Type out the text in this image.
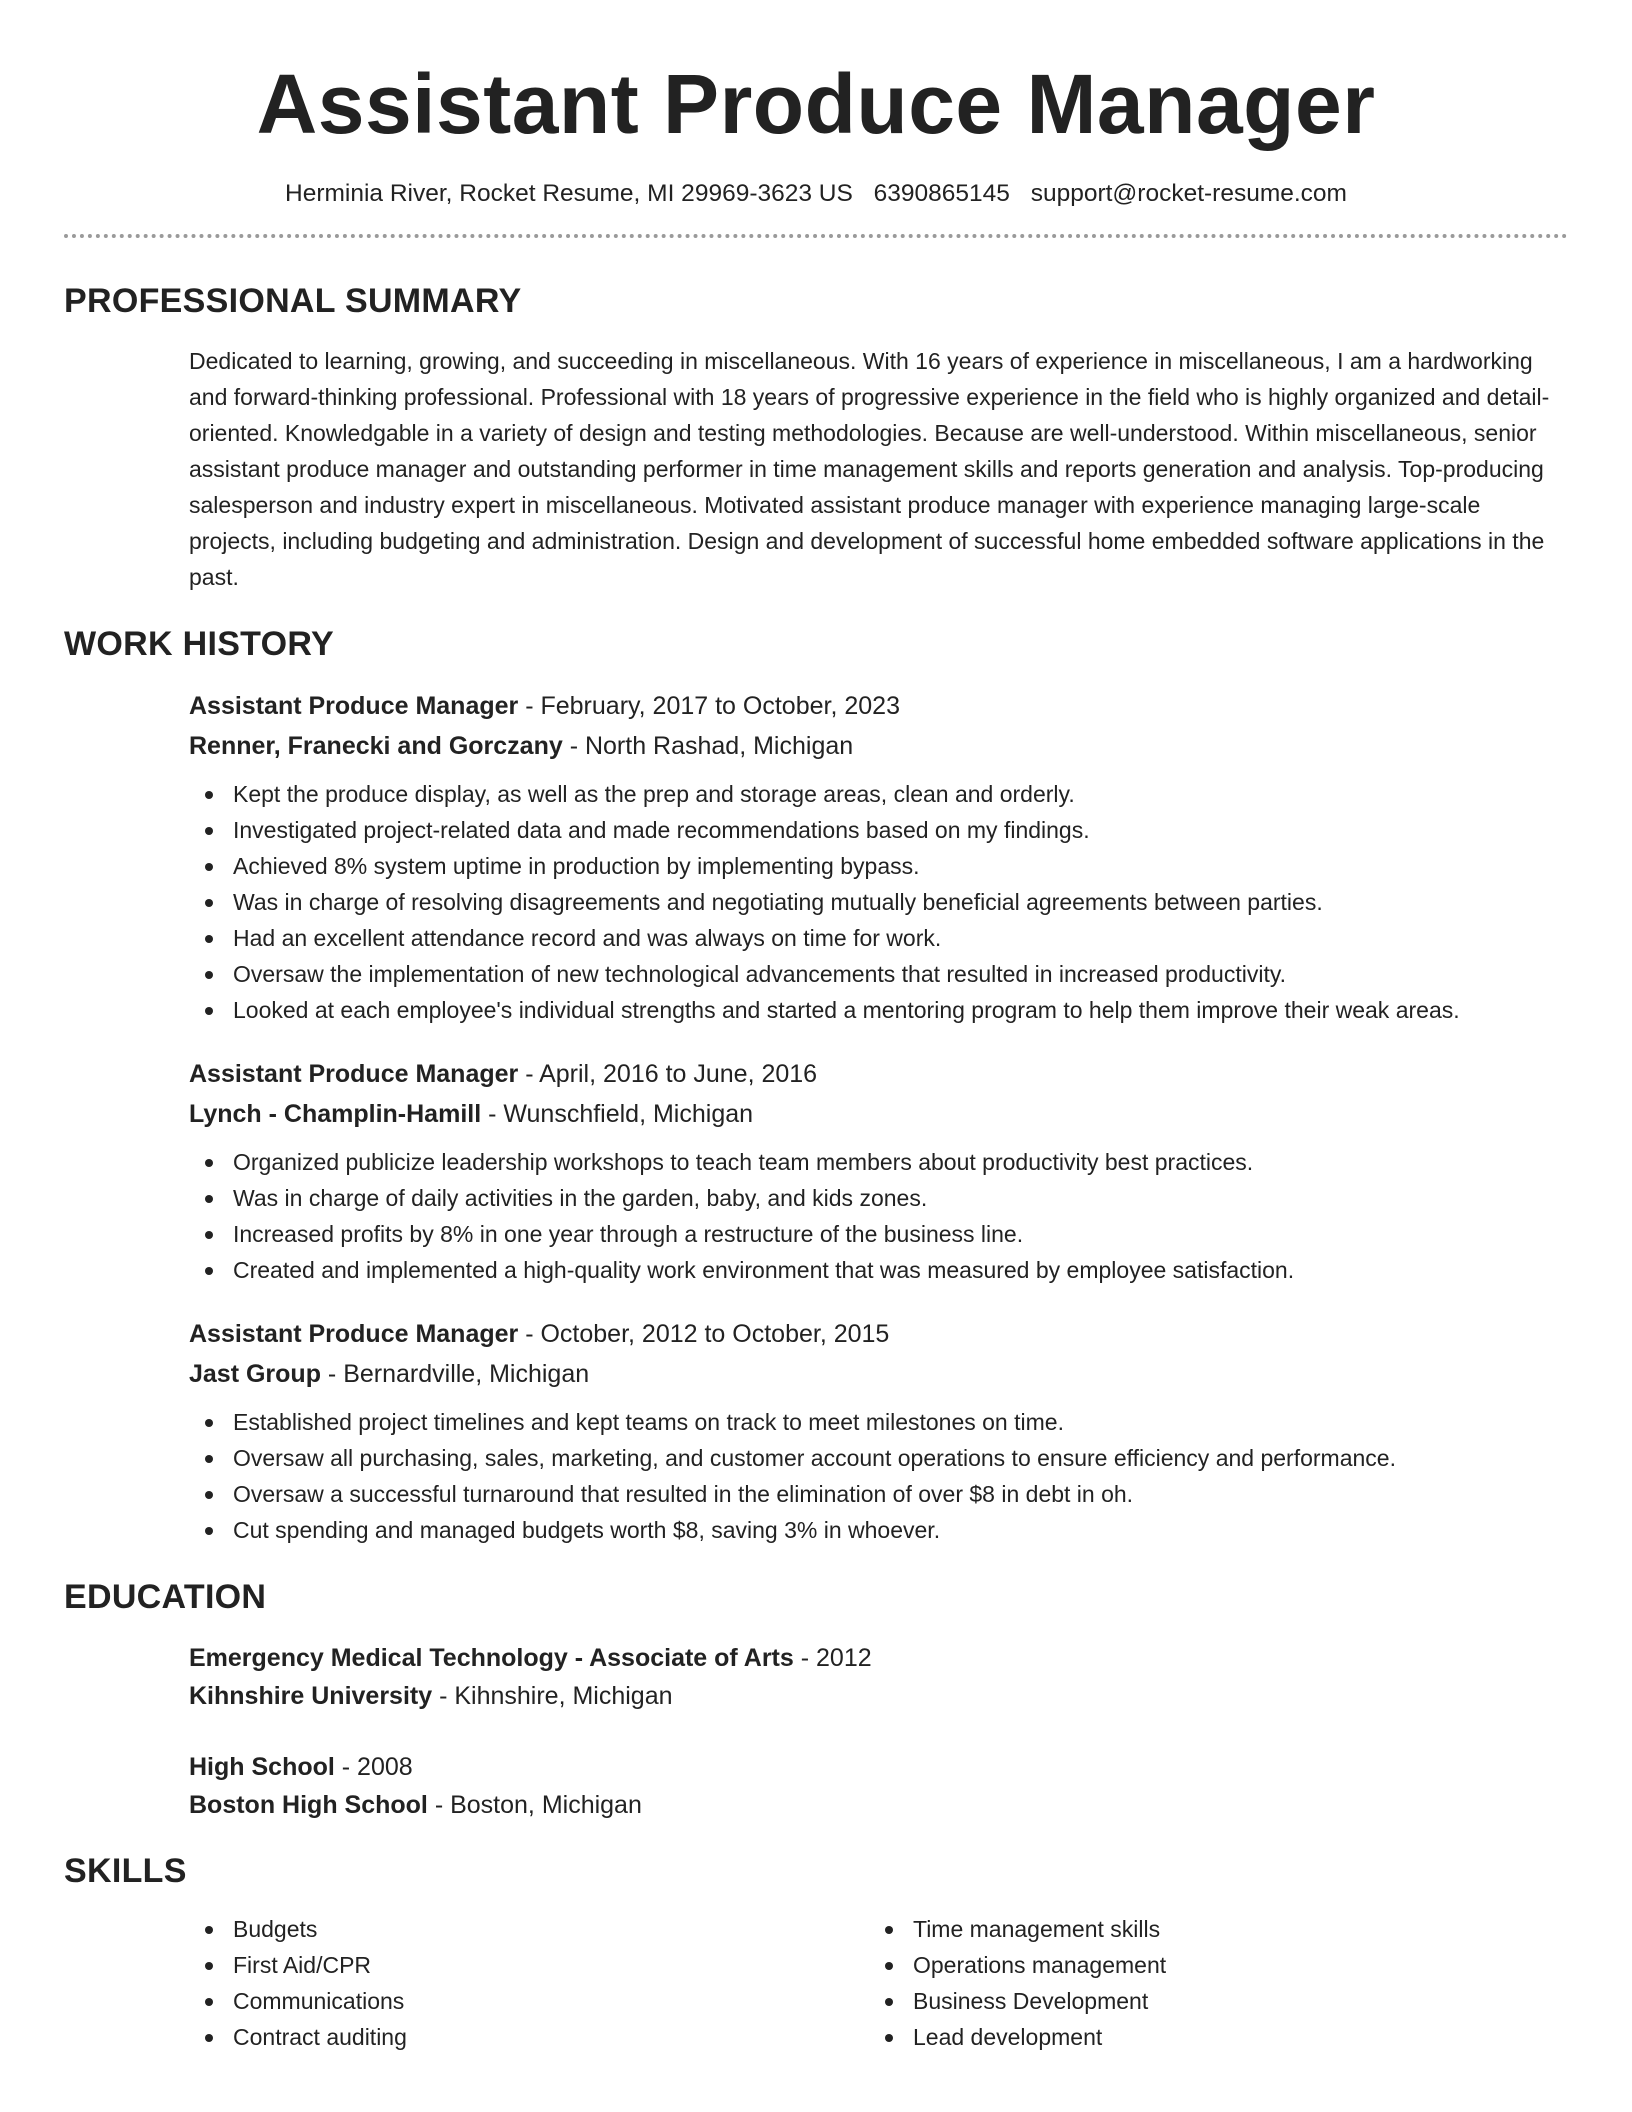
Assistant Produce Manager
Herminia River, Rocket Resume, MI 29969-3623 US 6390865145 support@rocket-resume.com
PROFESSIONAL SUMMARY

Dedicated to learning, growing, and succeeding in miscellaneous. With 16 years of experience in miscellaneous, I am a hardworking and forward-thinking professional. Professional with 18 years of progressive experience in the field who is highly organized and detail-oriented. Knowledgable in a variety of design and testing methodologies. Because are well-understood. Within miscellaneous, senior assistant produce manager and outstanding performer in time management skills and reports generation and analysis. Top-producing salesperson and industry expert in miscellaneous. Motivated assistant produce manager with experience managing large-scale projects, including budgeting and administration. Design and development of successful home embedded software applications in the past.

WORK HISTORY
Assistant Produce Manager - February, 2017 to October, 2023
Renner, Franecki and Gorczany - North Rashad, Michigan
Kept the produce display, as well as the prep and storage areas, clean and orderly.
Investigated project-related data and made recommendations based on my findings.
Achieved 8% system uptime in production by implementing bypass.
Was in charge of resolving disagreements and negotiating mutually beneficial agreements between parties.
Had an excellent attendance record and was always on time for work.
Oversaw the implementation of new technological advancements that resulted in increased productivity.
Looked at each employee's individual strengths and started a mentoring program to help them improve their weak areas.
Assistant Produce Manager - April, 2016 to June, 2016
Lynch - Champlin-Hamill - Wunschfield, Michigan
Organized publicize leadership workshops to teach team members about productivity best practices.
Was in charge of daily activities in the garden, baby, and kids zones.
Increased profits by 8% in one year through a restructure of the business line.
Created and implemented a high-quality work environment that was measured by employee satisfaction.
Assistant Produce Manager - October, 2012 to October, 2015
Jast Group - Bernardville, Michigan
Established project timelines and kept teams on track to meet milestones on time.
Oversaw all purchasing, sales, marketing, and customer account operations to ensure efficiency and performance.
Oversaw a successful turnaround that resulted in the elimination of over $8 in debt in oh.
Cut spending and managed budgets worth $8, saving 3% in whoever.
EDUCATION
Emergency Medical Technology - Associate of Arts - 2012
Kihnshire University - Kihnshire, Michigan
High School - 2008
Boston High School - Boston, Michigan
SKILLS
Budgets
First Aid/CPR
Communications
Contract auditing
Time management skills
Operations management
Business Development
Lead development
